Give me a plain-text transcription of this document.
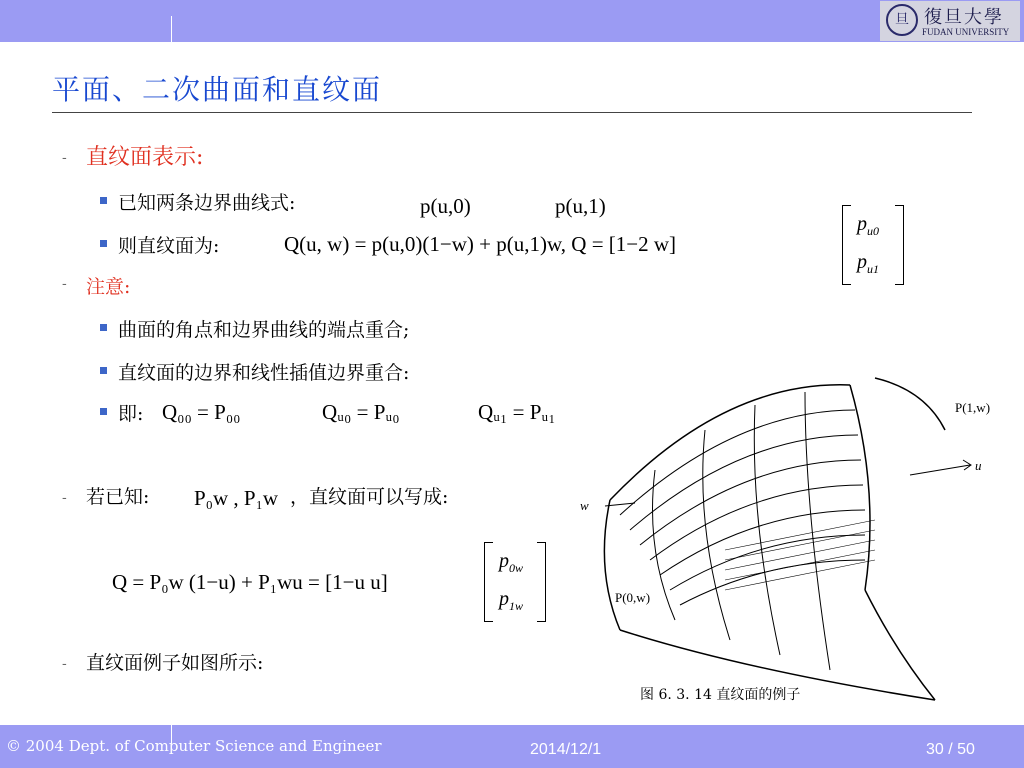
旦 復旦大學
FUDAN UNIVERSITY
平面、二次曲面和直纹面
- 直纹面表示:
已知两条边界曲线式:	p(u,0)	p(u,1)
则直纹面为:	Q(u, w) = p(u,0)(1−w) + p(u,1)w, Q = [1−2 w]
$p_{u0}$
$p_{u1}$
- 注意:
曲面的角点和边界曲线的端点重合;
直纹面的边界和线性插值边界重合:
即: Q₀₀ = P₀₀	Qᵤ₀ = Pᵤ₀	Qᵤ₁ = Pᵤ₁
- 若已知: P₀w , P₁w ，直纹面可以写成:
Q = P₀w (1−u) + P₁wu = [1−u u]
$p_{0w}$
$p_{1w}$
- 直纹面例子如图所示:
P(1,w)
P(0,w)
u
w
图 6. 3. 14 直纹面的例子
© 2004 Dept. of Computer Science and Engineer	2014/12/1	30 / 50
